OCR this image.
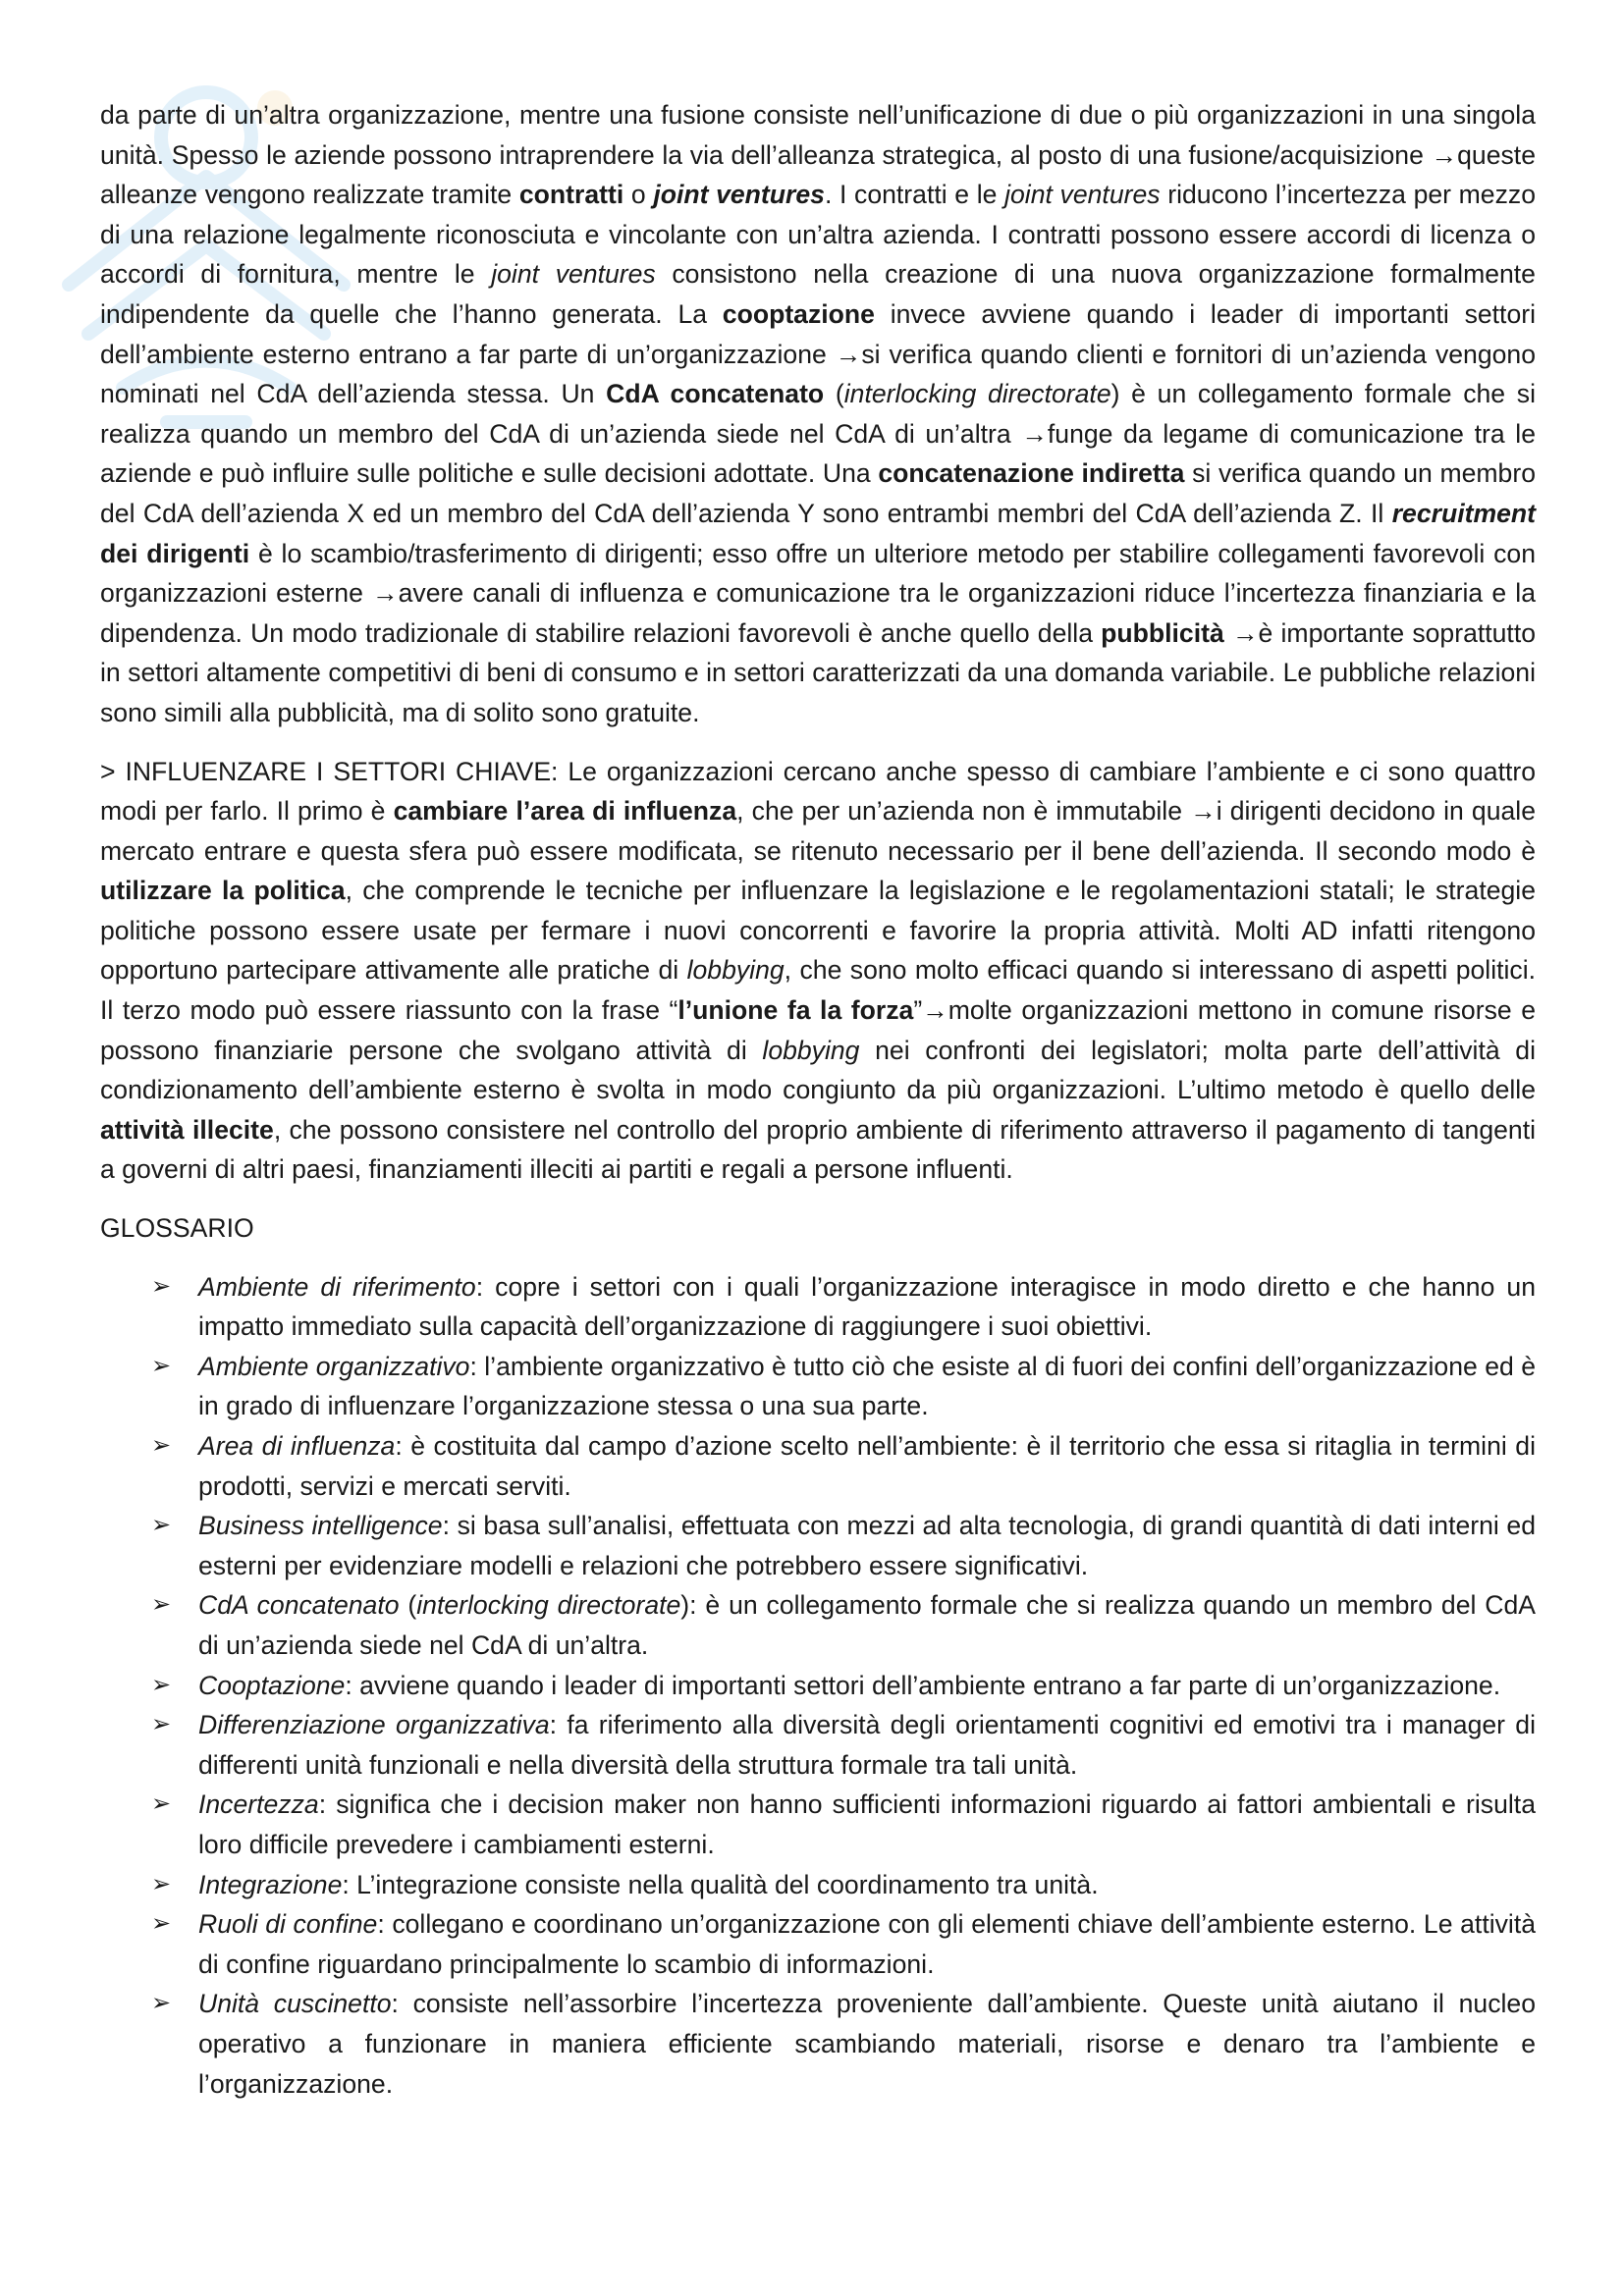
da parte di un’altra organizzazione, mentre una fusione consiste nell’unificazione di due o più organizzazioni in una singola unità. Spesso le aziende possono intraprendere la via dell’alleanza strategica, al posto di una fusione/acquisizione →queste alleanze vengono realizzate tramite contratti o joint ventures. I contratti e le joint ventures riducono l’incertezza per mezzo di una relazione legalmente riconosciuta e vincolante con un’altra azienda. I contratti possono essere accordi di licenza o accordi di fornitura, mentre le joint ventures consistono nella creazione di una nuova organizzazione formalmente indipendente da quelle che l’hanno generata. La cooptazione invece avviene quando i leader di importanti settori dell’ambiente esterno entrano a far parte di un’organizzazione →si verifica quando clienti e fornitori di un’azienda vengono nominati nel CdA dell’azienda stessa. Un CdA concatenato (interlocking directorate) è un collegamento formale che si realizza quando un membro del CdA di un’azienda siede nel CdA di un’altra →funge da legame di comunicazione tra le aziende e può influire sulle politiche e sulle decisioni adottate. Una concatenazione indiretta si verifica quando un membro del CdA dell’azienda X ed un membro del CdA dell’azienda Y sono entrambi membri del CdA dell’azienda Z. Il recruitment dei dirigenti è lo scambio/trasferimento di dirigenti; esso offre un ulteriore metodo per stabilire collegamenti favorevoli con organizzazioni esterne →avere canali di influenza e comunicazione tra le organizzazioni riduce l’incertezza finanziaria e la dipendenza. Un modo tradizionale di stabilire relazioni favorevoli è anche quello della pubblicità →è importante soprattutto in settori altamente competitivi di beni di consumo e in settori caratterizzati da una domanda variabile. Le pubbliche relazioni sono simili alla pubblicità, ma di solito sono gratuite.

> INFLUENZARE I SETTORI CHIAVE: Le organizzazioni cercano anche spesso di cambiare l’ambiente e ci sono quattro modi per farlo. Il primo è cambiare l’area di influenza, che per un’azienda non è immutabile →i dirigenti decidono in quale mercato entrare e questa sfera può essere modificata, se ritenuto necessario per il bene dell’azienda. Il secondo modo è utilizzare la politica, che comprende le tecniche per influenzare la legislazione e le regolamentazioni statali; le strategie politiche possono essere usate per fermare i nuovi concorrenti e favorire la propria attività. Molti AD infatti ritengono opportuno partecipare attivamente alle pratiche di lobbying, che sono molto efficaci quando si interessano di aspetti politici. Il terzo modo può essere riassunto con la frase “l’unione fa la forza”→molte organizzazioni mettono in comune risorse e possono finanziarie persone che svolgano attività di lobbying nei confronti dei legislatori; molta parte dell’attività di condizionamento dell’ambiente esterno è svolta in modo congiunto da più organizzazioni. L’ultimo metodo è quello delle attività illecite, che possono consistere nel controllo del proprio ambiente di riferimento attraverso il pagamento di tangenti a governi di altri paesi, finanziamenti illeciti ai partiti e regali a persone influenti.

GLOSSARIO

➢ Ambiente di riferimento: copre i settori con i quali l’organizzazione interagisce in modo diretto e che hanno un impatto immediato sulla capacità dell’organizzazione di raggiungere i suoi obiettivi.
➢ Ambiente organizzativo: l’ambiente organizzativo è tutto ciò che esiste al di fuori dei confini dell’organizzazione ed è in grado di influenzare l’organizzazione stessa o una sua parte.
➢ Area di influenza: è costituita dal campo d’azione scelto nell’ambiente: è il territorio che essa si ritaglia in termini di prodotti, servizi e mercati serviti.
➢ Business intelligence: si basa sull’analisi, effettuata con mezzi ad alta tecnologia, di grandi quantità di dati interni ed esterni per evidenziare modelli e relazioni che potrebbero essere significativi.
➢ CdA concatenato (interlocking directorate): è un collegamento formale che si realizza quando un membro del CdA di un’azienda siede nel CdA di un’altra.
➢ Cooptazione: avviene quando i leader di importanti settori dell’ambiente entrano a far parte di un’organizzazione.
➢ Differenziazione organizzativa: fa riferimento alla diversità degli orientamenti cognitivi ed emotivi tra i manager di differenti unità funzionali e nella diversità della struttura formale tra tali unità.
➢ Incertezza: significa che i decision maker non hanno sufficienti informazioni riguardo ai fattori ambientali e risulta loro difficile prevedere i cambiamenti esterni.
➢ Integrazione: L’integrazione consiste nella qualità del coordinamento tra unità.
➢ Ruoli di confine: collegano e coordinano un’organizzazione con gli elementi chiave dell’ambiente esterno. Le attività di confine riguardano principalmente lo scambio di informazioni.
➢ Unità cuscinetto: consiste nell’assorbire l’incertezza proveniente dall’ambiente. Queste unità aiutano il nucleo operativo a funzionare in maniera efficiente scambiando materiali, risorse e denaro tra l’ambiente e l’organizzazione.
